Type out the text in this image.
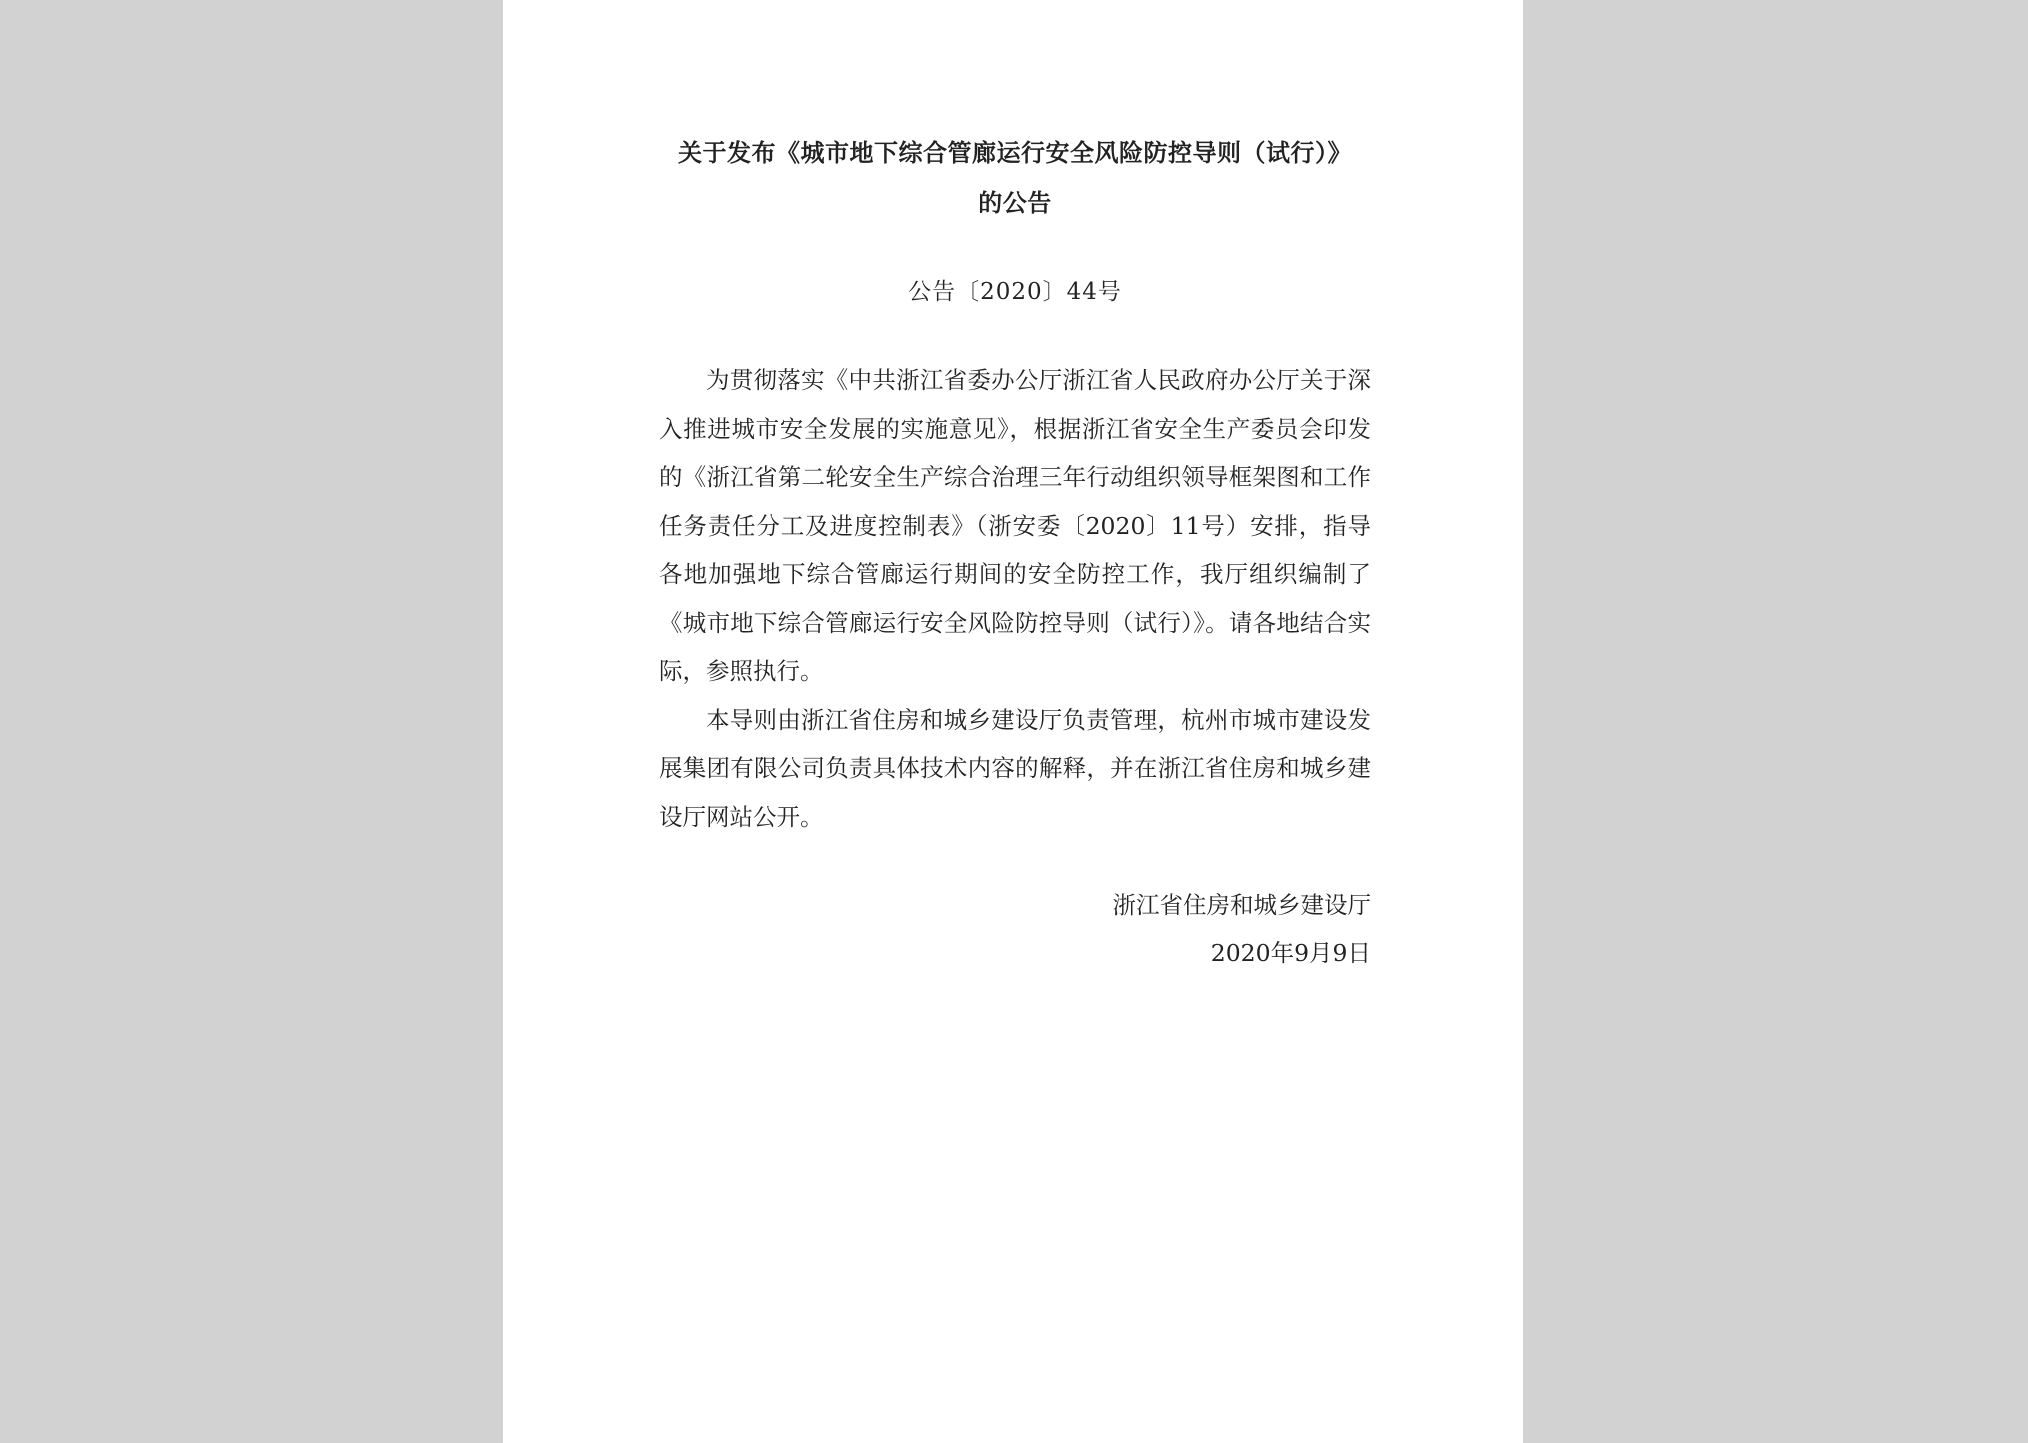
关于发布《城市地下综合管廊运行安全风险防控导则（试行）》
的公告
公告〔2020〕44号

为贯彻落实《中共浙江省委办公厅浙江省人民政府办公厅关于深入推进城市安全发展的实施意见》，根据浙江省安全生产委员会印发的《浙江省第二轮安全生产综合治理三年行动组织领导框架图和工作任务责任分工及进度控制表》（浙安委〔2020〕11号）安排，指导各地加强地下综合管廊运行期间的安全防控工作，我厅组织编制了《城市地下综合管廊运行安全风险防控导则（试行）》。请各地结合实际，参照执行。

本导则由浙江省住房和城乡建设厅负责管理，杭州市城市建设发展集团有限公司负责具体技术内容的解释，并在浙江省住房和城乡建设厅网站公开。

浙江省住房和城乡建设厅
2020年9月9日
